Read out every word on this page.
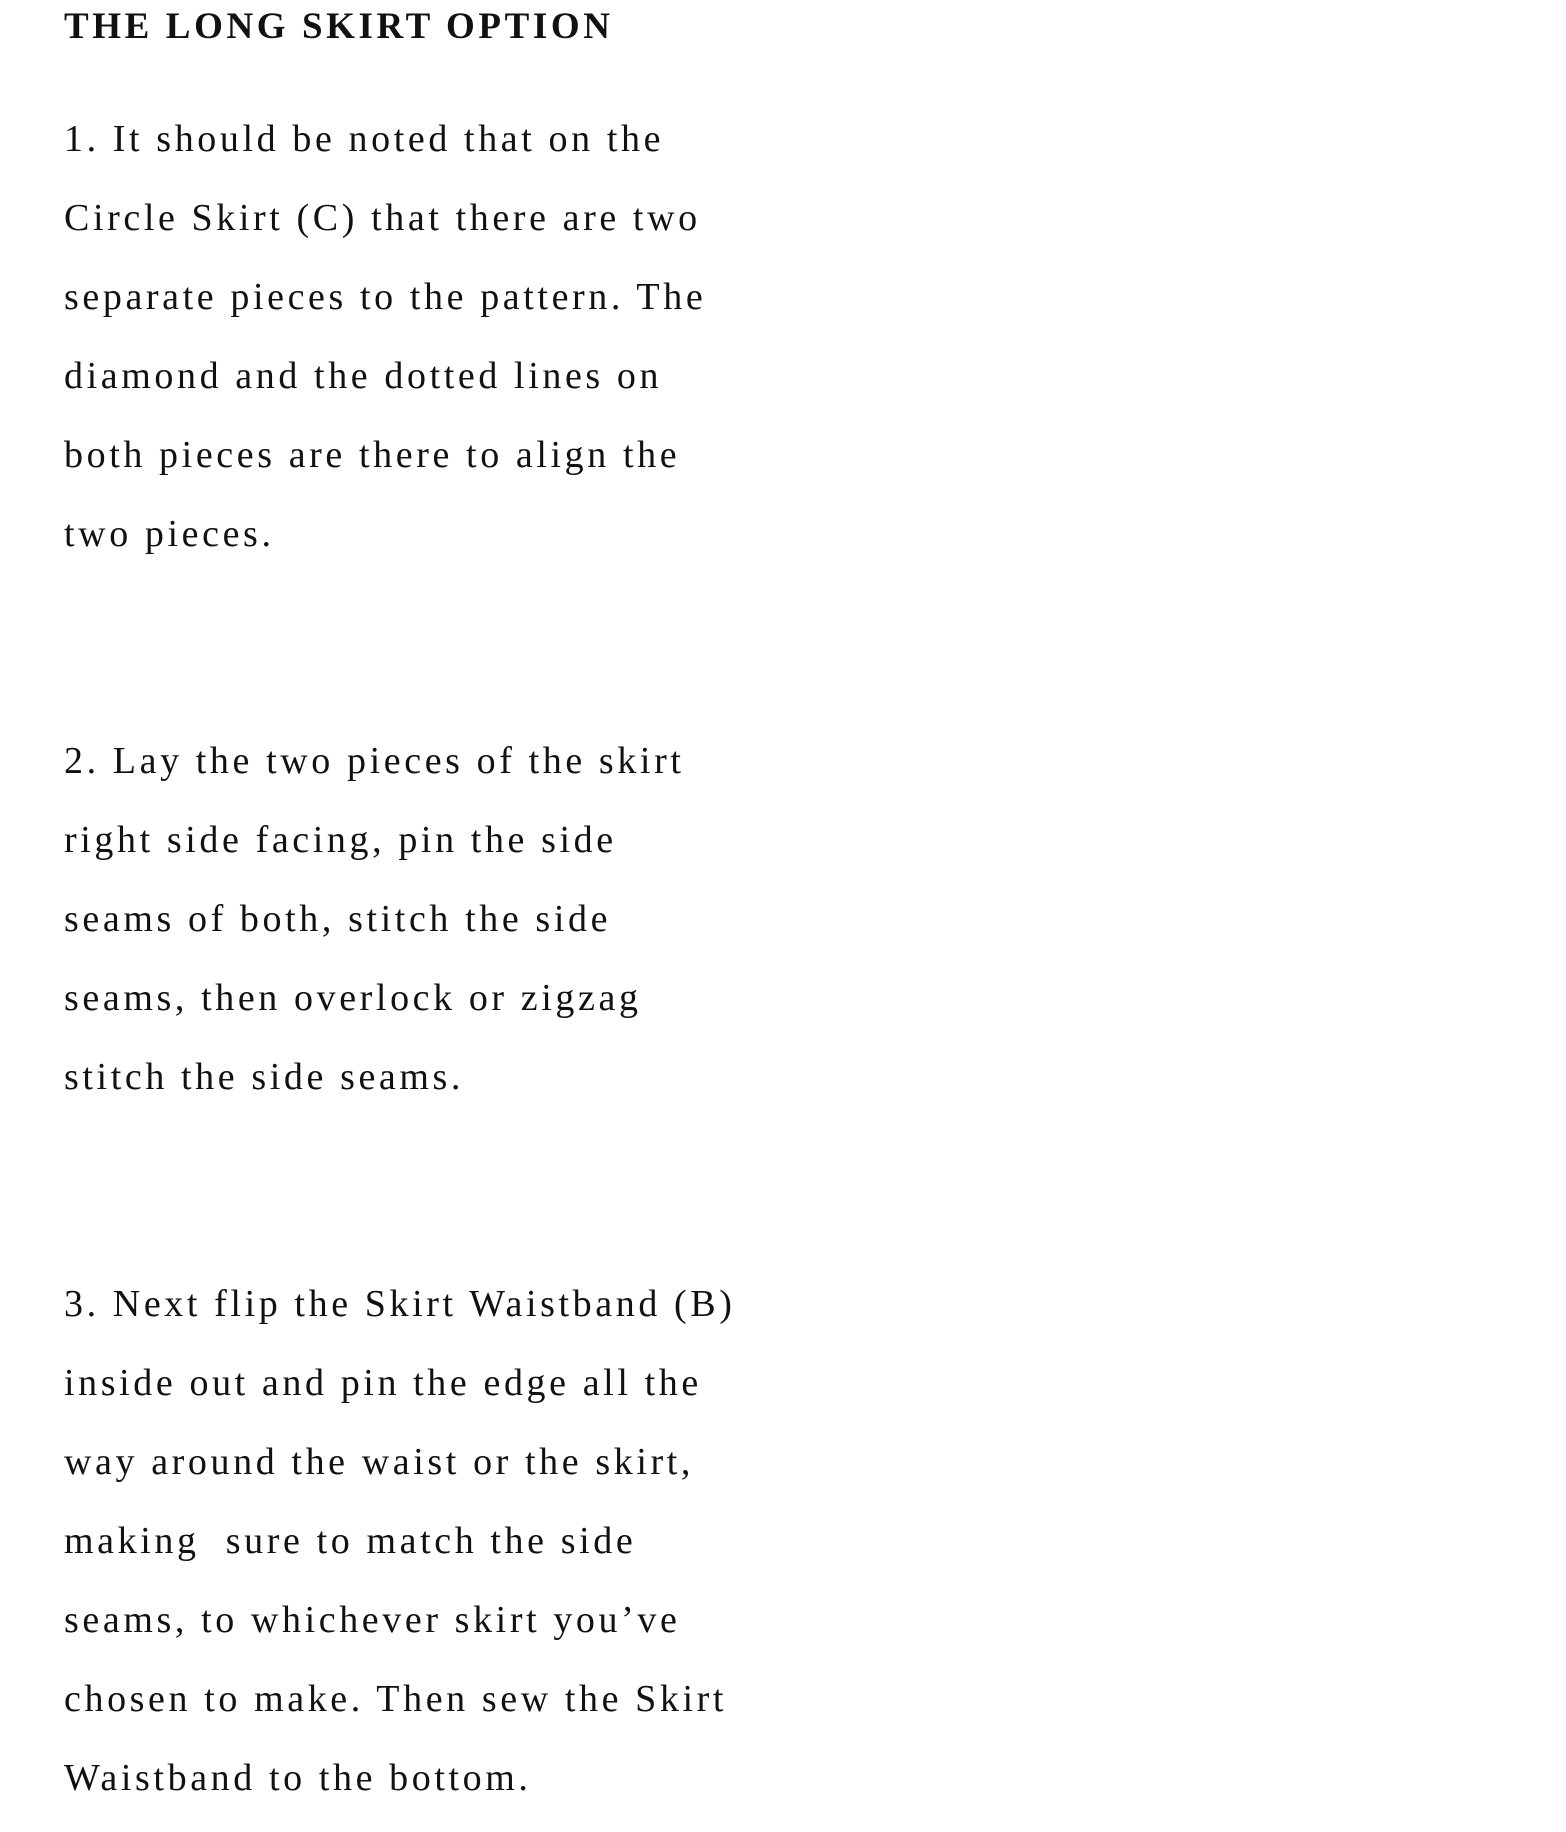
THE LONG SKIRT OPTION
1. It should be noted that on the
Circle Skirt (C) that there are two
separate pieces to the pattern. The
diamond and the dotted lines on
both pieces are there to align the
two pieces.
2. Lay the two pieces of the skirt
right side facing, pin the side
seams of both, stitch the side
seams, then overlock or zigzag
stitch the side seams.
3. Next flip the Skirt Waistband (B)
inside out and pin the edge all the
way around the waist or the skirt,
making  sure to match the side
seams, to whichever skirt you’ve
chosen to make. Then sew the Skirt
Waistband to the bottom.
